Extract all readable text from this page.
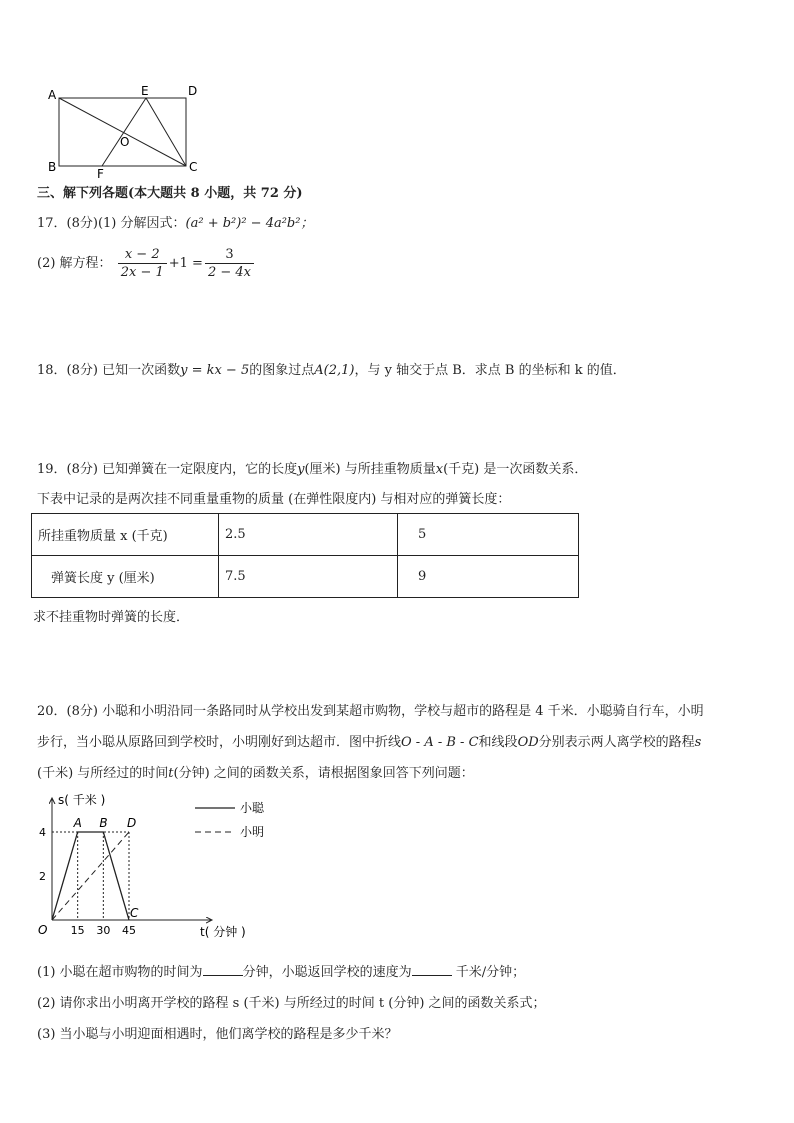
A	E	D
O
B	F	C
三、解下列各题(本大题共 8 小题，共 72 分)
17．(8分)(1) 分解因式：(a² + b²)² − 4a²b²；
(2) 解方程： $\frac{x - 2}{2x - 1} +1 = \frac{3}{2 - 4x}$
18．(8分) 已知一次函数y = kx − 5的图象过点A(2,1)，与 y 轴交于点 B．求点 B 的坐标和 k 的值．
19．(8分) 已知弹簧在一定限度内，它的长度y(厘米) 与所挂重物质量x(千克) 是一次函数关系．
下表中记录的是两次挂不同重量重物的质量 (在弹性限度内) 与相对应的弹簧长度：
所挂重物质量 x (千克)	2.5	5
弹簧长度 y (厘米)	7.5	9
求不挂重物时弹簧的长度．
20．(8分) 小聪和小明沿同一条路同时从学校出发到某超市购物，学校与超市的路程是 4 千米．小聪骑自行车，小明
步行，当小聪从原路回到学校时，小明刚好到达超市．图中折线O - A - B - C和线段OD分别表示两人离学校的路程s
(千米) 与所经过的时间t(分钟) 之间的函数关系，请根据图象回答下列问题：
15 30 45
2
4
O
s( 千米 )
t( 分钟 )
A B
C
D
小聪
小明
(1) 小聪在超市购物的时间为	分钟，小聪返回学校的速度为	千米/分钟；
(2) 请你求出小明离开学校的路程 s (千米) 与所经过的时间 t (分钟) 之间的函数关系式；
(3) 当小聪与小明迎面相遇时，他们离学校的路程是多少千米？
